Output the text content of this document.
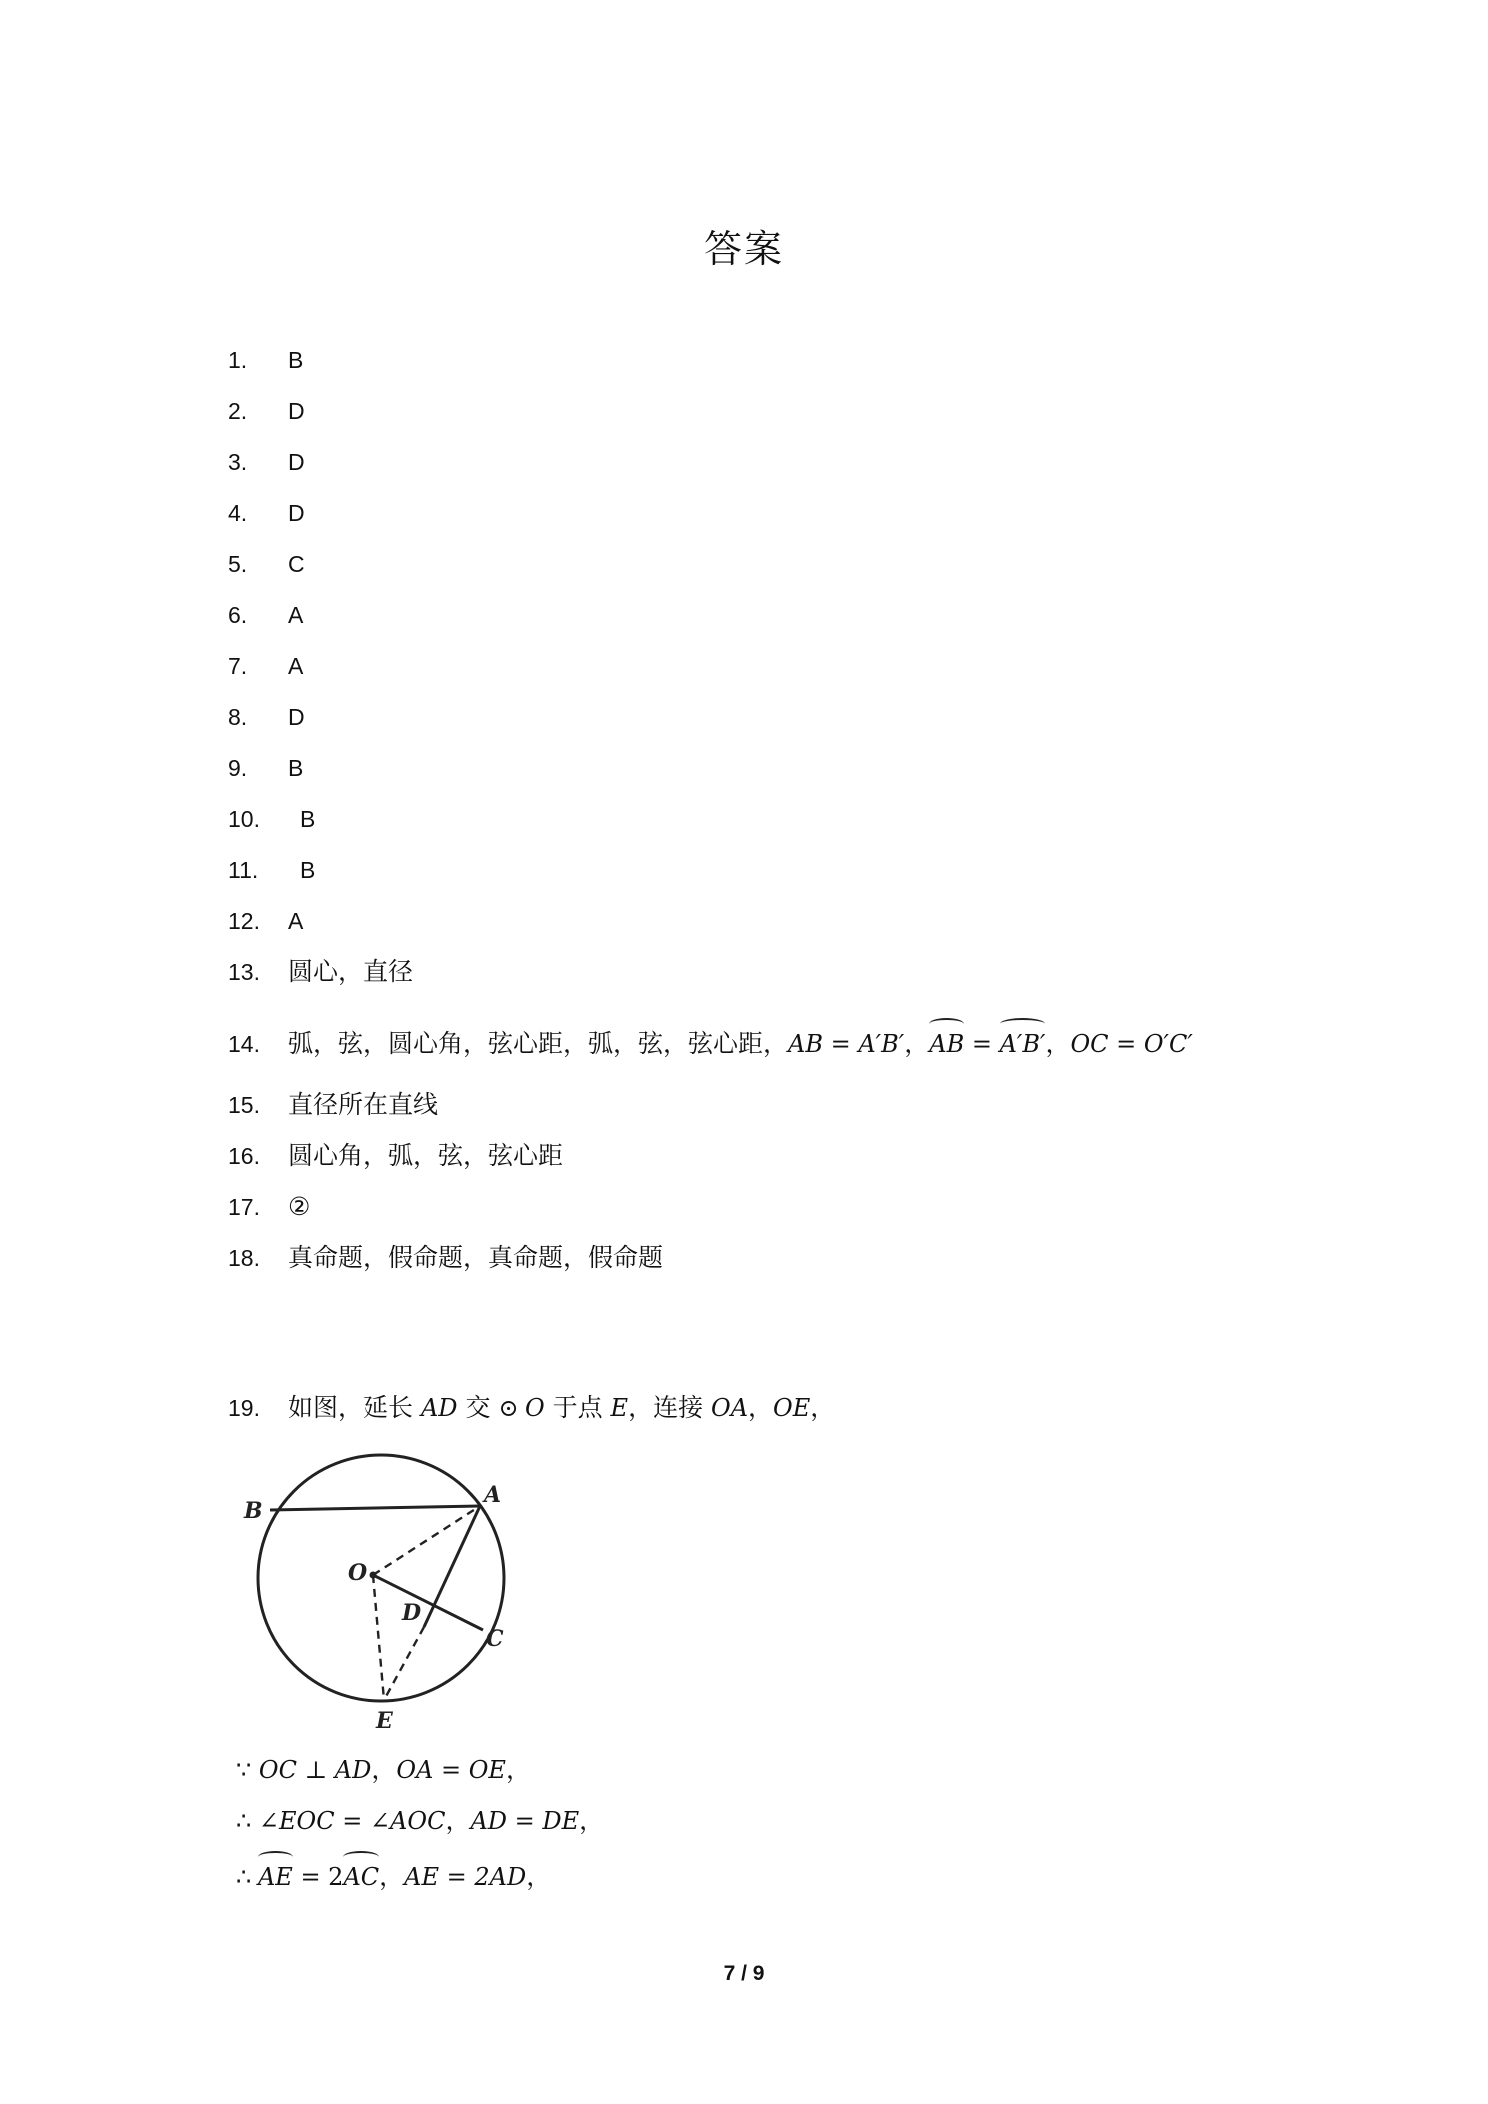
答案
1. B
2. D
3. D
4. D
5. C
6. A
7. A
8. D
9. B
10. B
11. B
12. A
13. 圆心，直径
14. 弧，弦，圆心角，弦心距，弧，弦，弦心距，AB = A′B′，AB = A′B′，OC = O′C′
15. 直径所在直线
16. 圆心角，弧，弦，弦心距
17. ②
18. 真命题，假命题，真命题，假命题
19. 如图，延长 AD 交 ⊙ O 于点 E，连接 OA，OE，
B
A
O
D
C
E
∵ OC ⊥ AD，OA = OE，
∴ ∠EOC = ∠AOC，AD = DE，
∴ AE = 2AC，AE = 2AD，
7 / 9
